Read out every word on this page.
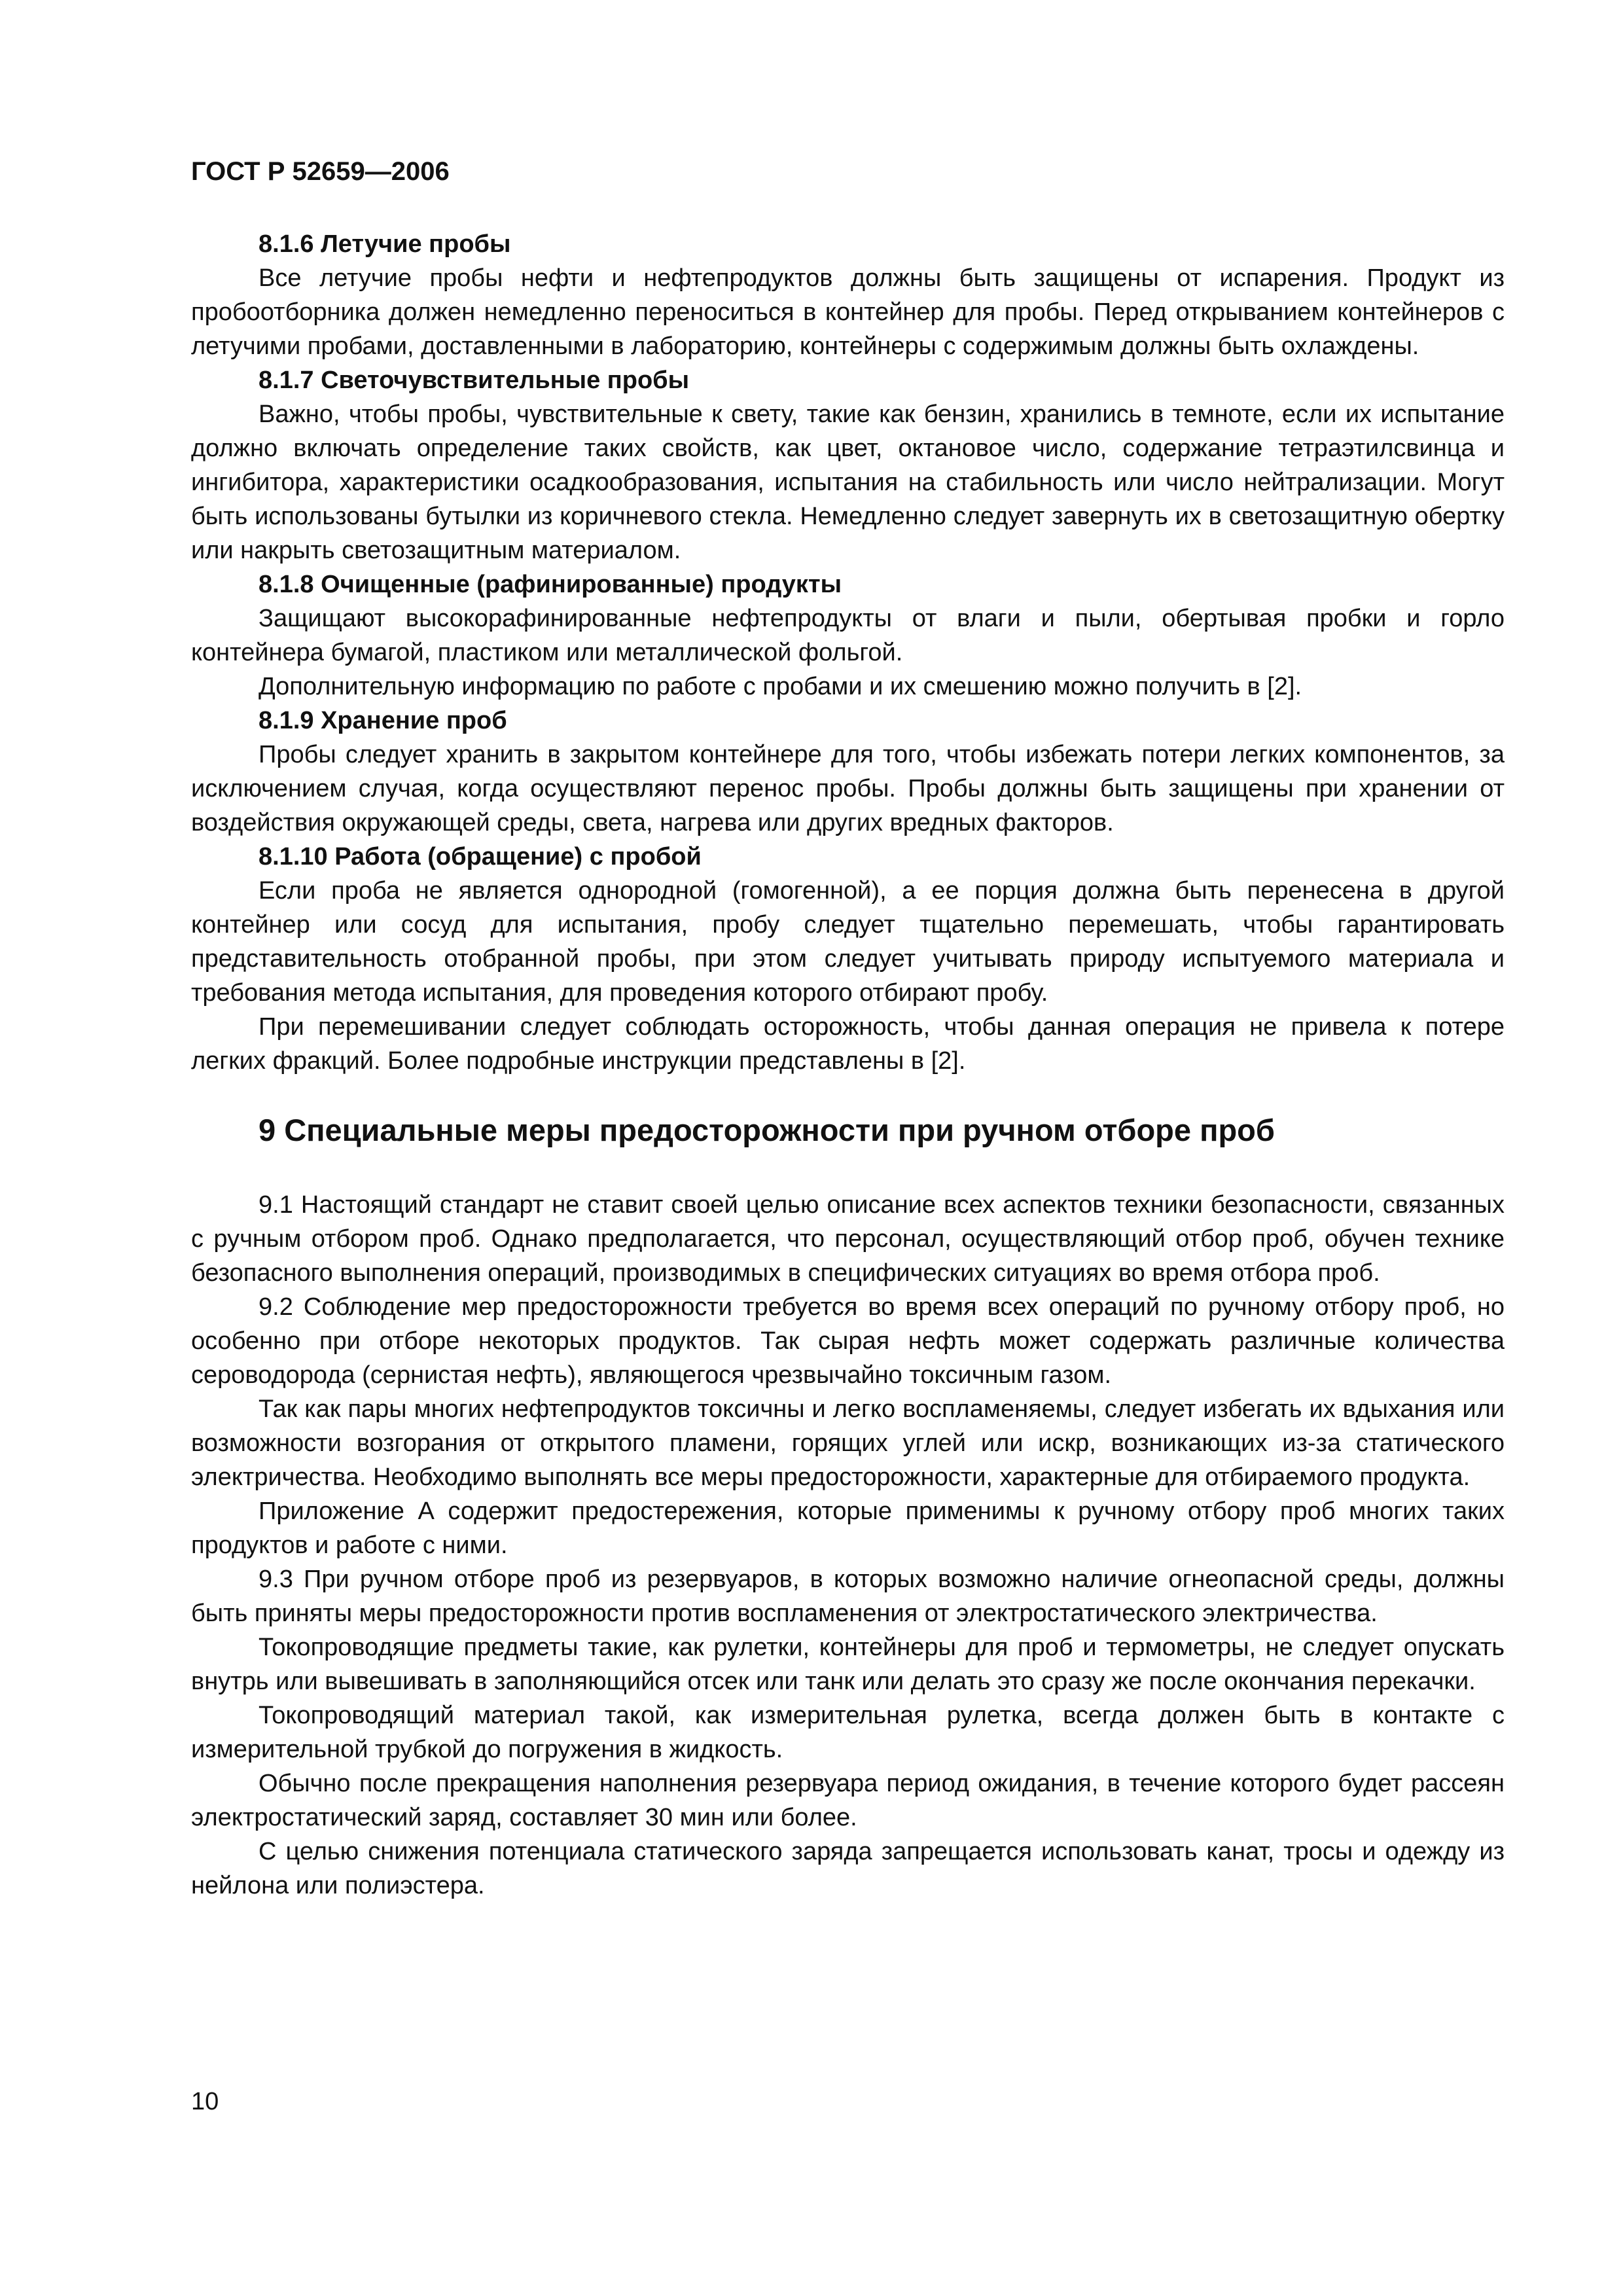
ГОСТ Р 52659—2006

8.1.6 Летучие пробы

Все летучие пробы нефти и нефтепродуктов должны быть защищены от испарения. Продукт из пробоотборника должен немедленно переноситься в контейнер для пробы. Перед открыванием контейнеров с летучими пробами, доставленными в лабораторию, контейнеры с содержимым должны быть охлаждены.

8.1.7 Светочувствительные пробы

Важно, чтобы пробы, чувствительные к свету, такие как бензин, хранились в темноте, если их испытание должно включать определение таких свойств, как цвет, октановое число, содержание тетраэтилсвинца и ингибитора, характеристики осадкообразования, испытания на стабильность или число нейтрализации. Могут быть использованы бутылки из коричневого стекла. Немедленно следует завернуть их в светозащитную обертку или накрыть светозащитным материалом.

8.1.8 Очищенные (рафинированные) продукты

Защищают высокорафинированные нефтепродукты от влаги и пыли, обертывая пробки и горло контейнера бумагой, пластиком или металлической фольгой.

Дополнительную информацию по работе с пробами и их смешению можно получить в [2].

8.1.9 Хранение проб

Пробы следует хранить в закрытом контейнере для того, чтобы избежать потери легких компонентов, за исключением случая, когда осуществляют перенос пробы. Пробы должны быть защищены при хранении от воздействия окружающей среды, света, нагрева или других вредных факторов.

8.1.10 Работа (обращение) с пробой

Если проба не является однородной (гомогенной), а ее порция должна быть перенесена в другой контейнер или сосуд для испытания, пробу следует тщательно перемешать, чтобы гарантировать представительность отобранной пробы, при этом следует учитывать природу испытуемого материала и требования метода испытания, для проведения которого отбирают пробу.

При перемешивании следует соблюдать осторожность, чтобы данная операция не привела к потере легких фракций. Более подробные инструкции представлены в [2].

9 Специальные меры предосторожности при ручном отборе проб

9.1 Настоящий стандарт не ставит своей целью описание всех аспектов техники безопасности, связанных с ручным отбором проб. Однако предполагается, что персонал, осуществляющий отбор проб, обучен технике безопасного выполнения операций, производимых в специфических ситуациях во время отбора проб.

9.2 Соблюдение мер предосторожности требуется во время всех операций по ручному отбору проб, но особенно при отборе некоторых продуктов. Так сырая нефть может содержать различные количества сероводорода (сернистая нефть), являющегося чрезвычайно токсичным газом.

Так как пары многих нефтепродуктов токсичны и легко воспламеняемы, следует избегать их вдыхания или возможности возгорания от открытого пламени, горящих углей или искр, возникающих из-за статического электричества. Необходимо выполнять все меры предосторожности, характерные для отбираемого продукта.

Приложение А содержит предостережения, которые применимы к ручному отбору проб многих таких продуктов и работе с ними.

9.3 При ручном отборе проб из резервуаров, в которых возможно наличие огнеопасной среды, должны быть приняты меры предосторожности против воспламенения от электростатического электричества.

Токопроводящие предметы такие, как рулетки, контейнеры для проб и термометры, не следует опускать внутрь или вывешивать в заполняющийся отсек или танк или делать это сразу же после окончания перекачки.

Токопроводящий материал такой, как измерительная рулетка, всегда должен быть в контакте с измерительной трубкой до погружения в жидкость.

Обычно после прекращения наполнения резервуара период ожидания, в течение которого будет рассеян электростатический заряд, составляет 30 мин или более.

С целью снижения потенциала статического заряда запрещается использовать канат, тросы и одежду из нейлона или полиэстера.

10
